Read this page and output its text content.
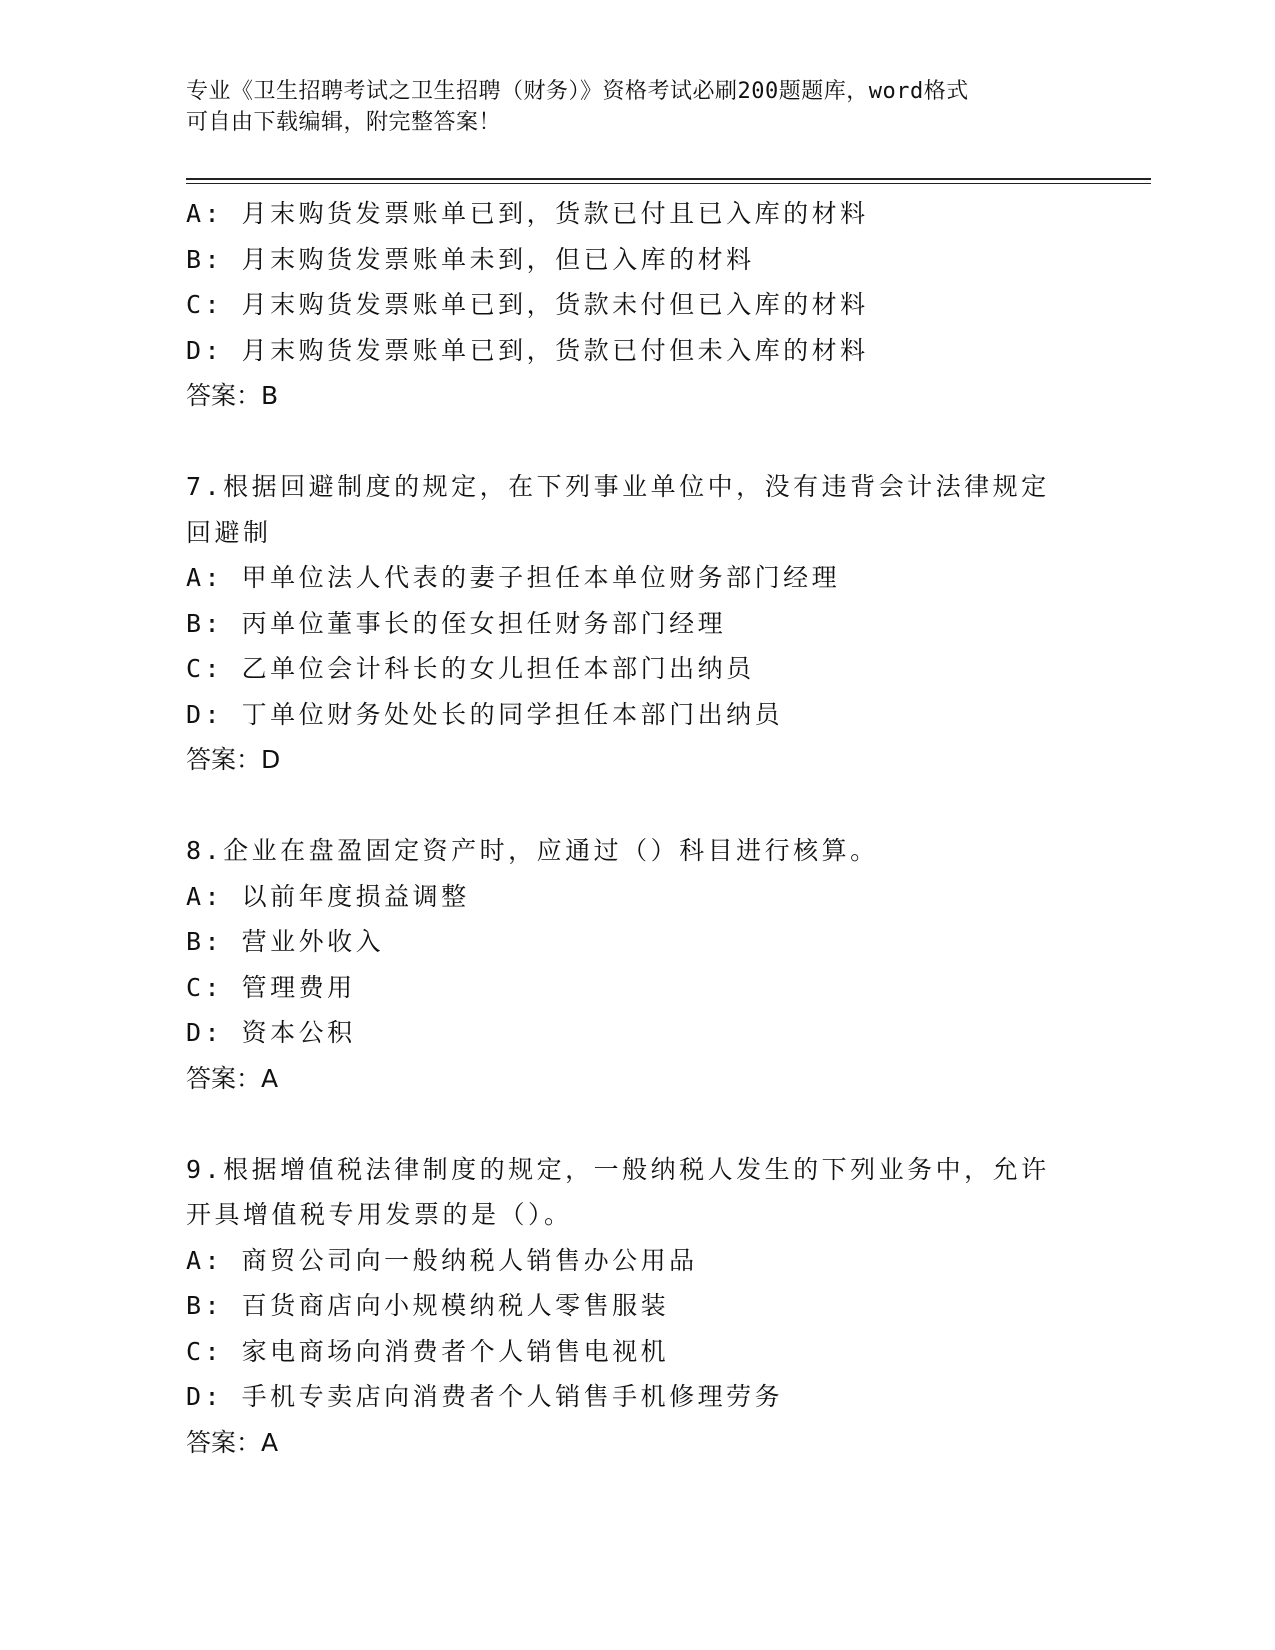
专业《卫生招聘考试之卫生招聘（财务）》资格考试必刷200题题库，word格式
可自由下载编辑，附完整答案！
A: 月末购货发票账单已到，货款已付且已入库的材料
B: 月末购货发票账单未到，但已入库的材料
C: 月末购货发票账单已到，货款未付但已入库的材料
D: 月末购货发票账单已到，货款已付但未入库的材料
答案：B
7.根据回避制度的规定，在下列事业单位中，没有违背会计法律规定
回避制
A: 甲单位法人代表的妻子担任本单位财务部门经理
B: 丙单位董事长的侄女担任财务部门经理
C: 乙单位会计科长的女儿担任本部门出纳员
D: 丁单位财务处处长的同学担任本部门出纳员
答案：D
8.企业在盘盈固定资产时，应通过（）科目进行核算。
A: 以前年度损益调整
B: 营业外收入
C: 管理费用
D: 资本公积
答案：A
9.根据增值税法律制度的规定，一般纳税人发生的下列业务中，允许
开具增值税专用发票的是（）。
A: 商贸公司向一般纳税人销售办公用品
B: 百货商店向小规模纳税人零售服装
C: 家电商场向消费者个人销售电视机
D: 手机专卖店向消费者个人销售手机修理劳务
答案：A
